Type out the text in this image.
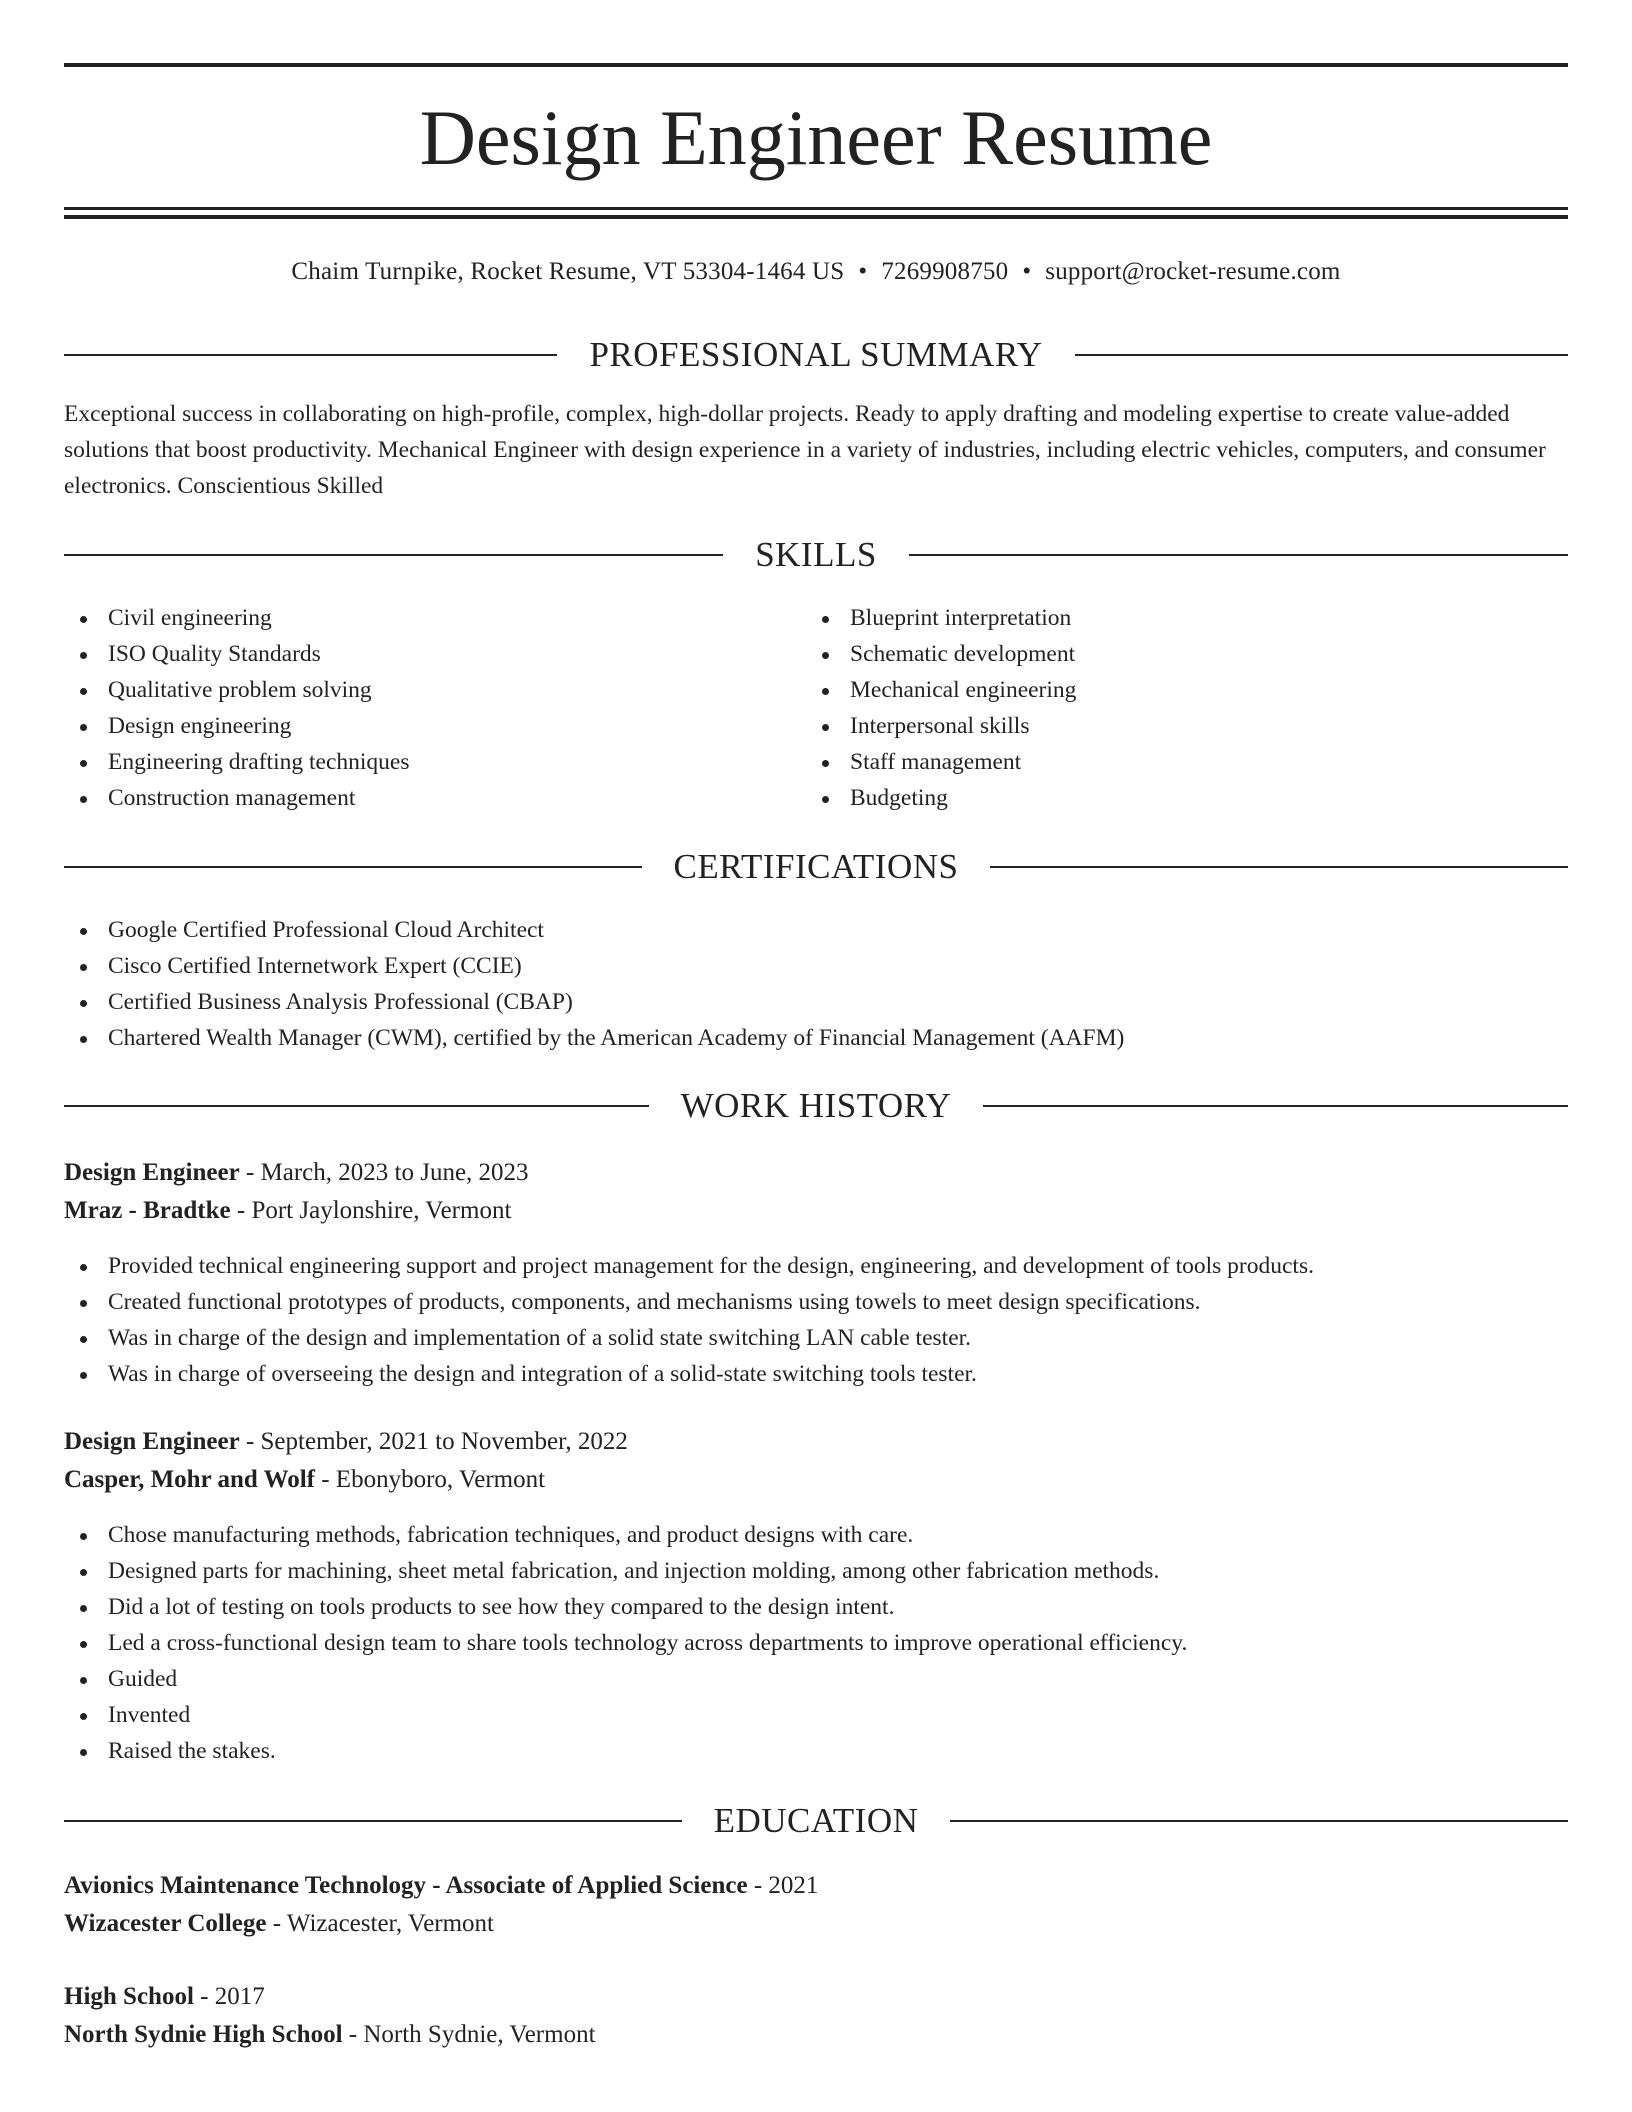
Design Engineer Resume
Chaim Turnpike, Rocket Resume, VT 53304-1464 US • 7269908750 • support@rocket-resume.com
PROFESSIONAL SUMMARY

Exceptional success in collaborating on high-profile, complex, high-dollar projects. Ready to apply drafting and modeling expertise to create value-added solutions that boost productivity. Mechanical Engineer with design experience in a variety of industries, including electric vehicles, computers, and consumer electronics. Conscientious Skilled

SKILLS
Civil engineering
ISO Quality Standards
Qualitative problem solving
Design engineering
Engineering drafting techniques
Construction management
Blueprint interpretation
Schematic development
Mechanical engineering
Interpersonal skills
Staff management
Budgeting
CERTIFICATIONS
Google Certified Professional Cloud Architect
Cisco Certified Internetwork Expert (CCIE)
Certified Business Analysis Professional (CBAP)
Chartered Wealth Manager (CWM), certified by the American Academy of Financial Management (AAFM)
WORK HISTORY
Design Engineer - March, 2023 to June, 2023
Mraz - Bradtke - Port Jaylonshire, Vermont
Provided technical engineering support and project management for the design, engineering, and development of tools products.
Created functional prototypes of products, components, and mechanisms using towels to meet design specifications.
Was in charge of the design and implementation of a solid state switching LAN cable tester.
Was in charge of overseeing the design and integration of a solid-state switching tools tester.
Design Engineer - September, 2021 to November, 2022
Casper, Mohr and Wolf - Ebonyboro, Vermont
Chose manufacturing methods, fabrication techniques, and product designs with care.
Designed parts for machining, sheet metal fabrication, and injection molding, among other fabrication methods.
Did a lot of testing on tools products to see how they compared to the design intent.
Led a cross-functional design team to share tools technology across departments to improve operational efficiency.
Guided
Invented
Raised the stakes.
EDUCATION
Avionics Maintenance Technology - Associate of Applied Science - 2021
Wizacester College - Wizacester, Vermont
High School - 2017
North Sydnie High School - North Sydnie, Vermont
